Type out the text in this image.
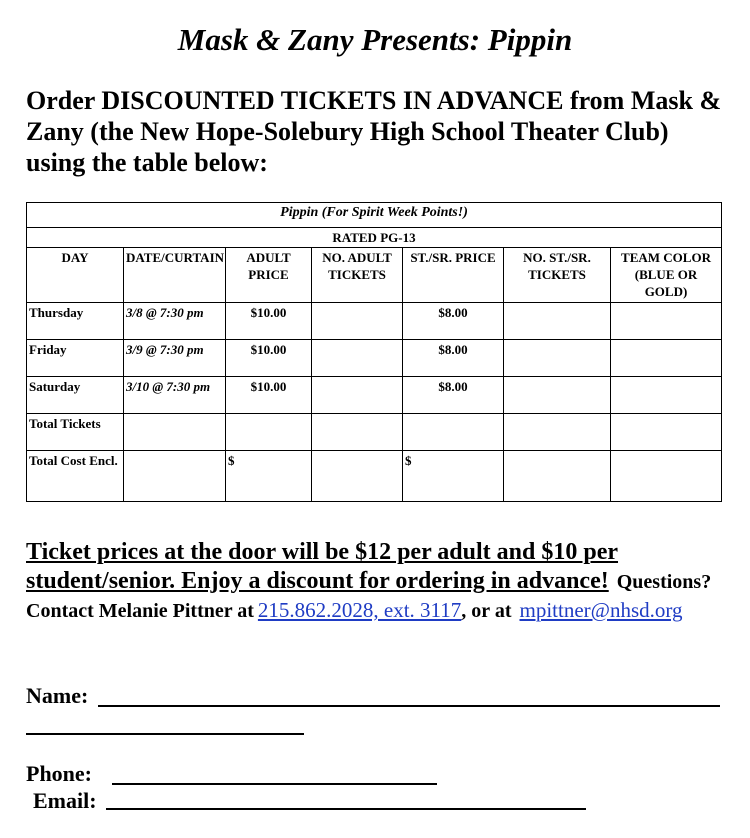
Mask & Zany Presents: Pippin
Order DISCOUNTED TICKETS IN ADVANCE from Mask & Zany (the New Hope-Solebury High School Theater Club) using the table below:
Pippin (For Spirit Week Points!)						
RATED PG-13						
DAY	DATE/CURTAIN	ADULT PRICE	NO. ADULT TICKETS	ST./SR. PRICE	NO. ST./SR. TICKETS	TEAM COLOR (BLUE OR GOLD)
Thursday	3/8 @ 7:30 pm	$10.00		$8.00		
Friday	3/9 @ 7:30 pm	$10.00		$8.00		
Saturday	3/10 @ 7:30 pm	$10.00		$8.00		
Total Tickets						
Total Cost Encl.		$		$		
Ticket prices at the door will be $12 per adult and $10 per student/senior. Enjoy a discount for ordering in advance! Questions? Contact Melanie Pittner at 215.862.2028, ext. 3117, or at mpittner@nhsd.org
Name:
Phone:
Email:
